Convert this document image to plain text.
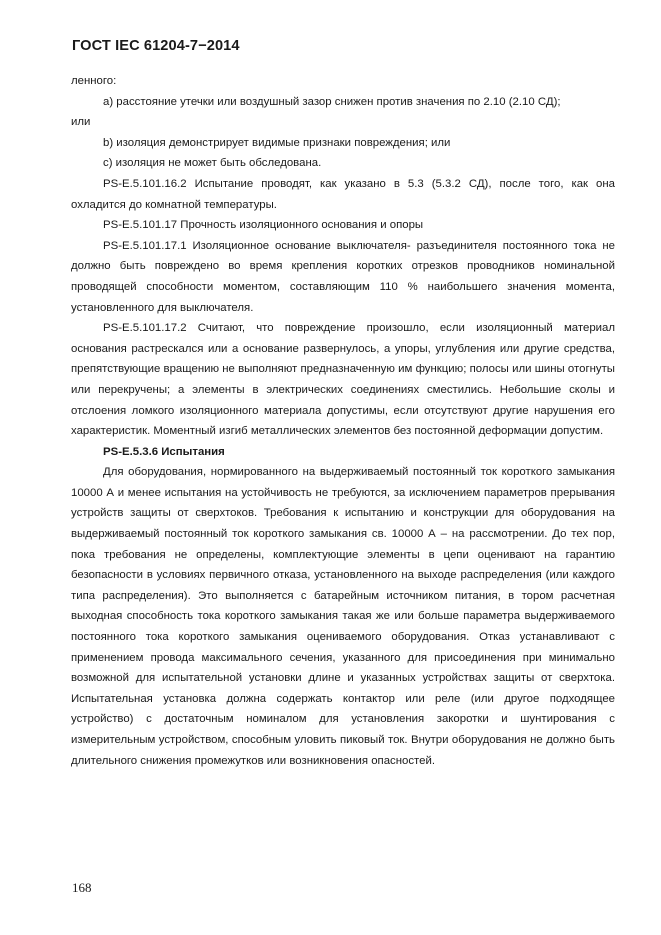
ГОСТ IEC 61204-7−2014

ленного:

a) расстояние утечки или воздушный зазор снижен против значения по 2.10 (2.10 СД);

или

b) изоляция демонстрирует видимые признаки повреждения; или

c) изоляция не может быть обследована.

PS-E.5.101.16.2 Испытание проводят, как указано в 5.3 (5.3.2 СД), после того, как она охладится до комнатной температуры.

PS-E.5.101.17 Прочность изоляционного основания и опоры

PS-E.5.101.17.1 Изоляционное основание выключателя- разъединителя постоянного тока не должно быть повреждено во время крепления коротких отрезков проводников номинальной проводящей способности моментом, составляющим 110 % наибольшего значения момента, установленного для выключателя.

PS-E.5.101.17.2 Считают, что повреждение произошло, если изоляционный материал основания растрескался или а основание развернулось, а упоры, углубления или другие средства, препятствующие вращению не выполняют предназначенную им функцию; полосы или шины отогнуты или перекручены; а элементы в электрических соединениях сместились. Небольшие сколы и отслоения ломкого изоляционного материала допустимы, если отсутствуют другие нарушения его характеристик. Моментный изгиб металлических элементов без постоянной деформации допустим.

PS-E.5.3.6 Испытания

Для оборудования, нормированного на выдерживаемый постоянный ток короткого замыкания 10000 А и менее испытания на устойчивость не требуются, за исключением параметров прерывания устройств защиты от сверхтоков. Требования к испытанию и конструкции для оборудования на выдерживаемый постоянный ток короткого замыкания св. 10000 А – на рассмотрении. До тех пор, пока требования не определены, комплектующие элементы в цепи оценивают на гарантию безопасности в условиях первичного отказа, установленного на выходе распределения (или каждого типа распределения). Это выполняется с батарейным источником питания, в тором расчетная выходная способность тока короткого замыкания такая же или больше параметра выдерживаемого постоянного тока короткого замыкания оцениваемого оборудования. Отказ устанавливают с применением провода максимального сечения, указанного для присоединения при минимально возможной для испытательной установки длине и указанных устройствах защиты от сверхтока. Испытательная установка должна содержать контактор или реле (или другое подходящее устройство) с достаточным номиналом для установления закоротки и шунтирования с измерительным устройством, способным уловить пиковый ток. Внутри оборудования не должно быть длительного снижения промежутков или возникновения опасностей.

168
